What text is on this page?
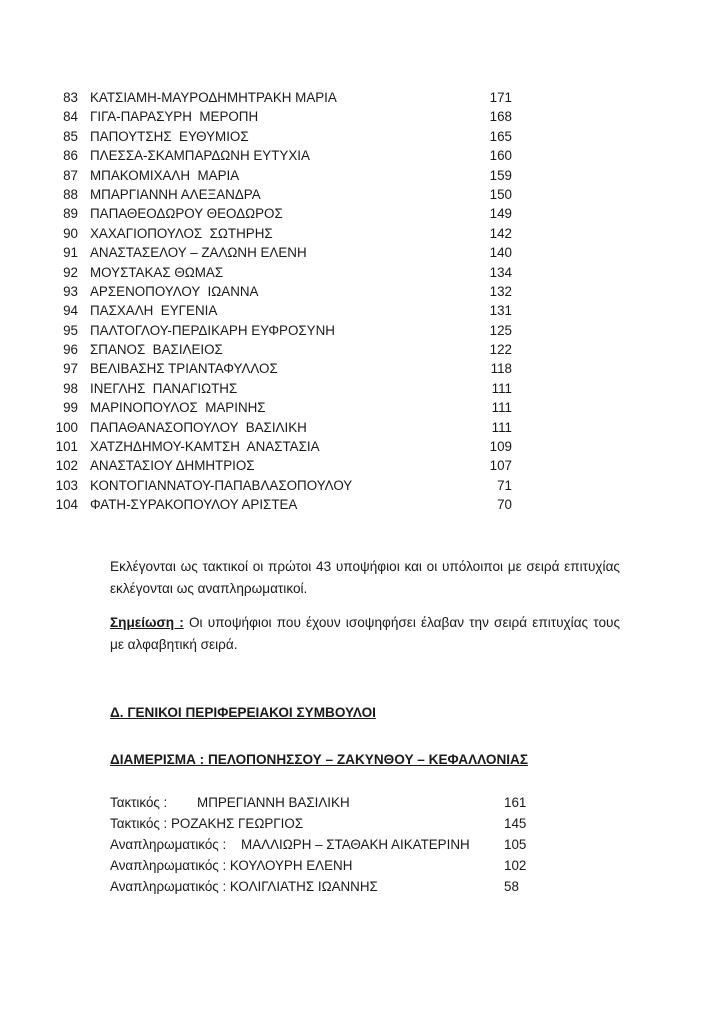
83 ΚΑΤΣΙΑΜΗ-ΜΑΥΡΟΔΗΜΗΤΡΑΚΗ ΜΑΡΙΑ	171
84 ΓΙΓΑ-ΠΑΡΑΣΥΡΗ  ΜΕΡΟΠΗ	168
85 ΠΑΠΟΥΤΣΗΣ  ΕΥΘΥΜΙΟΣ	165
86 ΠΛΕΣΣΑ-ΣΚΑΜΠΑΡΔΩΝΗ ΕΥΤΥΧΙΑ	160
87 ΜΠΑΚΟΜΙΧΑΛΗ  ΜΑΡΙΑ	159
88 ΜΠΑΡΓΙΑΝΝΗ ΑΛΕΞΑΝΔΡΑ	150
89 ΠΑΠΑΘΕΟΔΩΡΟΥ ΘΕΟΔΩΡΟΣ	149
90 ΧΑΧΑΓΙΟΠΟΥΛΟΣ  ΣΩΤΗΡΗΣ	142
91 ΑΝΑΣΤΑΣΕΛΟΥ – ΖΑΛΩΝΗ ΕΛΕΝΗ	140
92 ΜΟΥΣΤΑΚΑΣ ΘΩΜΑΣ	134
93 ΑΡΣΕΝΟΠΟΥΛΟΥ  ΙΩΑΝΝΑ	132
94 ΠΑΣΧΑΛΗ  ΕΥΓΕΝΙΑ	131
95 ΠΑΛΤΟΓΛΟΥ-ΠΕΡΔΙΚΑΡΗ ΕΥΦΡΟΣΥΝΗ	125
96 ΣΠΑΝΟΣ  ΒΑΣΙΛΕΙΟΣ	122
97 ΒΕΛΙΒΑΣΗΣ ΤΡΙΑΝΤΑΦΥΛΛΟΣ	118
98 ΙΝΕΓΛΗΣ  ΠΑΝΑΓΙΩΤΗΣ	111
99 ΜΑΡΙΝΟΠΟΥΛΟΣ  ΜΑΡΙΝΗΣ	111
100 ΠΑΠΑΘΑΝΑΣΟΠΟΥΛΟΥ  ΒΑΣΙΛΙΚΗ	111
101 ΧΑΤΖΗΔΗΜΟΥ-ΚΑΜΤΣΗ  ΑΝΑΣΤΑΣΙΑ	109
102 ΑΝΑΣΤΑΣΙΟΥ ΔΗΜΗΤΡΙΟΣ	107
103 ΚΟΝΤΟΓΙΑΝΝΑΤΟΥ-ΠΑΠΑΒΛΑΣΟΠΟΥΛΟΥ	71
104 ΦΑΤΗ-ΣΥΡΑΚΟΠΟΥΛΟΥ ΑΡΙΣΤΕΑ	70
Εκλέγονται ως τακτικοί οι πρώτοι 43 υποψήφιοι και οι υπόλοιποι με σειρά επιτυχίας εκλέγονται ως αναπληρωματικοί.
Σημείωση : Οι υποψήφιοι που έχουν ισοψηφήσει έλαβαν την σειρά επιτυχίας τους με αλφαβητική σειρά.
Δ. ΓΕΝΙΚΟΙ ΠΕΡΙΦΕΡΕΙΑΚΟΙ ΣΥΜΒΟΥΛΟΙ
ΔΙΑΜΕΡΙΣΜΑ : ΠΕΛΟΠΟΝΗΣΣΟΥ – ΖΑΚΥΝΘΟΥ – ΚΕΦΑΛΛΟΝΙΑΣ
Τακτικός :        ΜΠΡΕΓΙΑΝΝΗ ΒΑΣΙΛΙΚΗ	161
Τακτικός : ΡΟΖΑΚΗΣ ΓΕΩΡΓΙΟΣ	145
Αναπληρωματικός :    ΜΑΛΛΙΩΡΗ – ΣΤΑΘΑΚΗ ΑΙΚΑΤΕΡΙΝΗ	105
Αναπληρωματικός : ΚΟΥΛΟΥΡΗ ΕΛΕΝΗ	102
Αναπληρωματικός : ΚΟΛΙΓΛΙΑΤΗΣ ΙΩΑΝΝΗΣ	58
